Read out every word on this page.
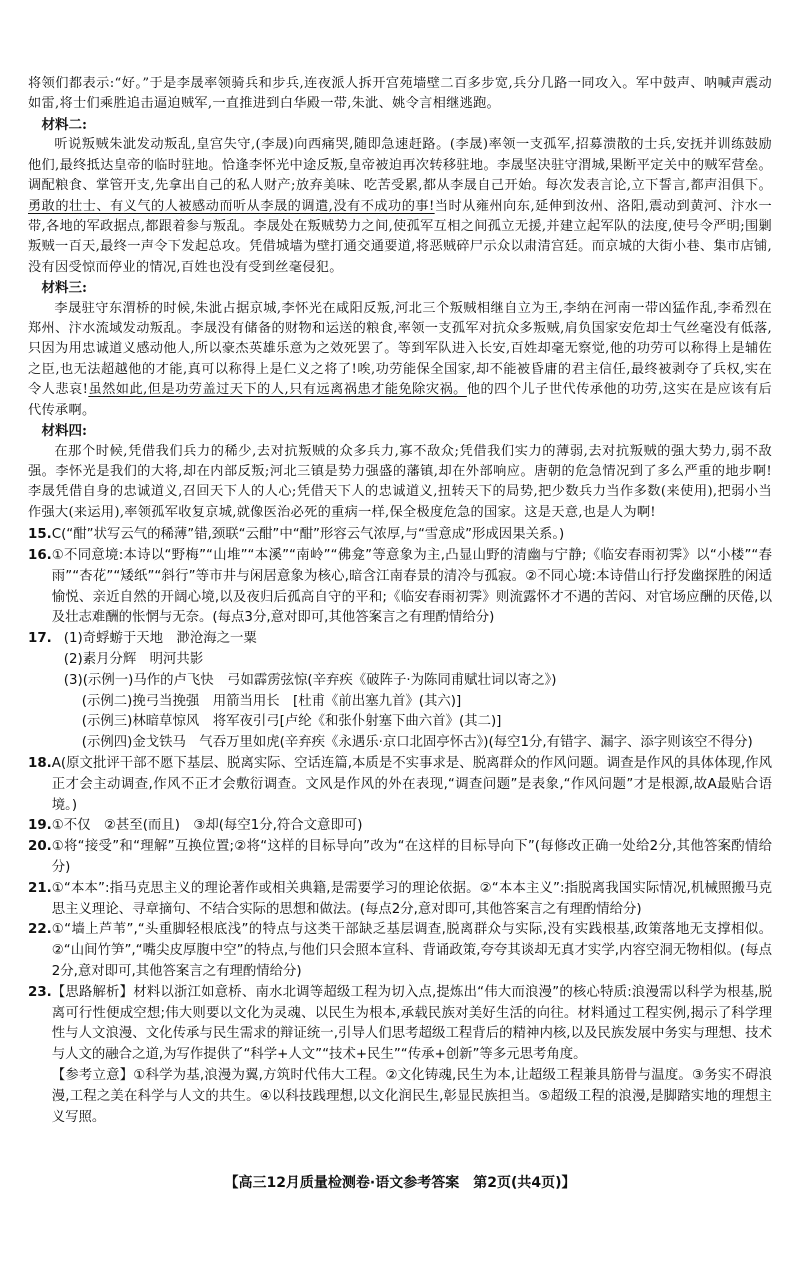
将领们都表示:“好。”于是李晟率领骑兵和步兵,连夜派人拆开宫苑墙壁二百多步宽,兵分几路一同攻入。军中鼓声、呐喊声震动如雷,将士们乘胜追击逼迫贼军,一直推进到白华殿一带,朱泚、姚令言相继逃跑。

材料二:

听说叛贼朱泚发动叛乱,皇宫失守,(李晟)向西痛哭,随即急速赶路。(李晟)率领一支孤军,招募溃散的士兵,安抚并训练鼓励他们,最终抵达皇帝的临时驻地。恰逢李怀光中途反叛,皇帝被迫再次转移驻地。李晟坚决驻守渭城,果断平定关中的贼军营垒。调配粮食、掌管开支,先拿出自己的私人财产;放弃美味、吃苦受累,都从李晟自己开始。每次发表言论,立下誓言,都声泪俱下。勇敢的壮士、有义气的人被感动而听从李晟的调遣,没有不成功的事!当时从雍州向东,延伸到汝州、洛阳,震动到黄河、汴水一带,各地的军政据点,都跟着参与叛乱。李晟处在叛贼势力之间,使孤军互相之间孤立无援,并建立起军队的法度,使号令严明;围剿叛贼一百天,最终一声令下发起总攻。凭借城墙为壁打通交通要道,将恶贼碎尸示众以肃清宫廷。而京城的大街小巷、集市店铺,没有因受惊而停业的情况,百姓也没有受到丝毫侵犯。

材料三:

李晟驻守东渭桥的时候,朱泚占据京城,李怀光在咸阳反叛,河北三个叛贼相继自立为王,李纳在河南一带凶猛作乱,李希烈在郑州、汴水流域发动叛乱。李晟没有储备的财物和运送的粮食,率领一支孤军对抗众多叛贼,肩负国家安危却士气丝毫没有低落,只因为用忠诚道义感动他人,所以豪杰英雄乐意为之效死罢了。等到军队进入长安,百姓却毫无察觉,他的功劳可以称得上是辅佐之臣,也无法超越他的才能,真可以称得上是仁义之将了!唉,功劳能保全国家,却不能被昏庸的君主信任,最终被剥夺了兵权,实在令人悲哀!虽然如此,但是功劳盖过天下的人,只有远离祸患才能免除灾祸。他的四个儿子世代传承他的功劳,这实在是应该有后代传承啊。

材料四:

在那个时候,凭借我们兵力的稀少,去对抗叛贼的众多兵力,寡不敌众;凭借我们实力的薄弱,去对抗叛贼的强大势力,弱不敌强。李怀光是我们的大将,却在内部反叛;河北三镇是势力强盛的藩镇,却在外部响应。唐朝的危急情况到了多么严重的地步啊!李晟凭借自身的忠诚道义,召回天下人的人心;凭借天下人的忠诚道义,扭转天下的局势,把少数兵力当作多数(来使用),把弱小当作强大(来运用),率领孤军收复京城,就像医治必死的重病一样,保全极度危急的国家。这是天意,也是人为啊!

15. C(“酣”状写云气的稀薄”错,颈联“云酣”中“酣”形容云气浓厚,与“雪意成”形成因果关系。)
16. ①不同意境:本诗以“野梅”“山堆”“本溪”“南岭”“佛龛”等意象为主,凸显山野的清幽与宁静;《临安春雨初霁》以“小楼”“春雨”“杏花”“矮纸”“斜行”等市井与闲居意象为核心,暗含江南春景的清冷与孤寂。②不同心境:本诗借山行抒发幽探胜的闲适愉悦、亲近自然的开阔心境,以及夜归后孤高自守的平和;《临安春雨初霁》则流露怀才不遇的苦闷、对官场应酬的厌倦,以及壮志难酬的怅惘与无奈。(每点3分,意对即可,其他答案言之有理酌情给分)
17. (1)奇蜉蝣于天地　渺沧海之一粟
(2)素月分辉　明河共影
(3)(示例一)马作的卢飞快　弓如霹雳弦惊(辛弃疾《破阵子·为陈同甫赋壮词以寄之》)
(示例二)挽弓当挽强　用箭当用长　[杜甫《前出塞九首》(其六)]
(示例三)林暗草惊风　将军夜引弓[卢纶《和张仆射塞下曲六首》(其二)]
(示例四)金戈铁马　气吞万里如虎(辛弃疾《永遇乐·京口北固亭怀古》)(每空1分,有错字、漏字、添字则该空不得分)
18. A(原文批评干部不愿下基层、脱离实际、空话连篇,本质是不实事求是、脱离群众的作风问题。调查是作风的具体体现,作风正才会主动调查,作风不正才会敷衍调查。文风是作风的外在表现,“调查问题”是表象,“作风问题”才是根源,故A最贴合语境。)
19. ①不仅　②甚至(而且)　③却(每空1分,符合文意即可)
20. ①将“接受”和“理解”互换位置;②将“这样的目标导向”改为“在这样的目标导向下”(每修改正确一处给2分,其他答案酌情给分)
21. ①“本本”:指马克思主义的理论著作或相关典籍,是需要学习的理论依据。②“本本主义”:指脱离我国实际情况,机械照搬马克思主义理论、寻章摘句、不结合实际的思想和做法。(每点2分,意对即可,其他答案言之有理酌情给分)
22. ①“墙上芦苇”,“头重脚轻根底浅”的特点与这类干部缺乏基层调查,脱离群众与实际,没有实践根基,政策落地无支撑相似。②“山间竹笋”,“嘴尖皮厚腹中空”的特点,与他们只会照本宣科、背诵政策,夸夸其谈却无真才实学,内容空洞无物相似。(每点2分,意对即可,其他答案言之有理酌情给分)
23. 【思路解析】材料以浙江如意桥、南水北调等超级工程为切入点,提炼出“伟大而浪漫”的核心特质:浪漫需以科学为根基,脱离可行性便成空想;伟大则要以文化为灵魂、以民生为根本,承载民族对美好生活的向往。材料通过工程实例,揭示了科学理性与人文浪漫、文化传承与民生需求的辩证统一,引导人们思考超级工程背后的精神内核,以及民族发展中务实与理想、技术与人文的融合之道,为写作提供了“科学+人文”“技术+民生”“传承+创新”等多元思考角度。
【参考立意】①科学为基,浪漫为翼,方筑时代伟大工程。②文化铸魂,民生为本,让超级工程兼具筋骨与温度。③务实不碍浪漫,工程之美在科学与人文的共生。④以科技践理想,以文化润民生,彰显民族担当。⑤超级工程的浪漫,是脚踏实地的理想主义写照。
【高三12月质量检测卷·语文参考答案　第2页(共4页)】
